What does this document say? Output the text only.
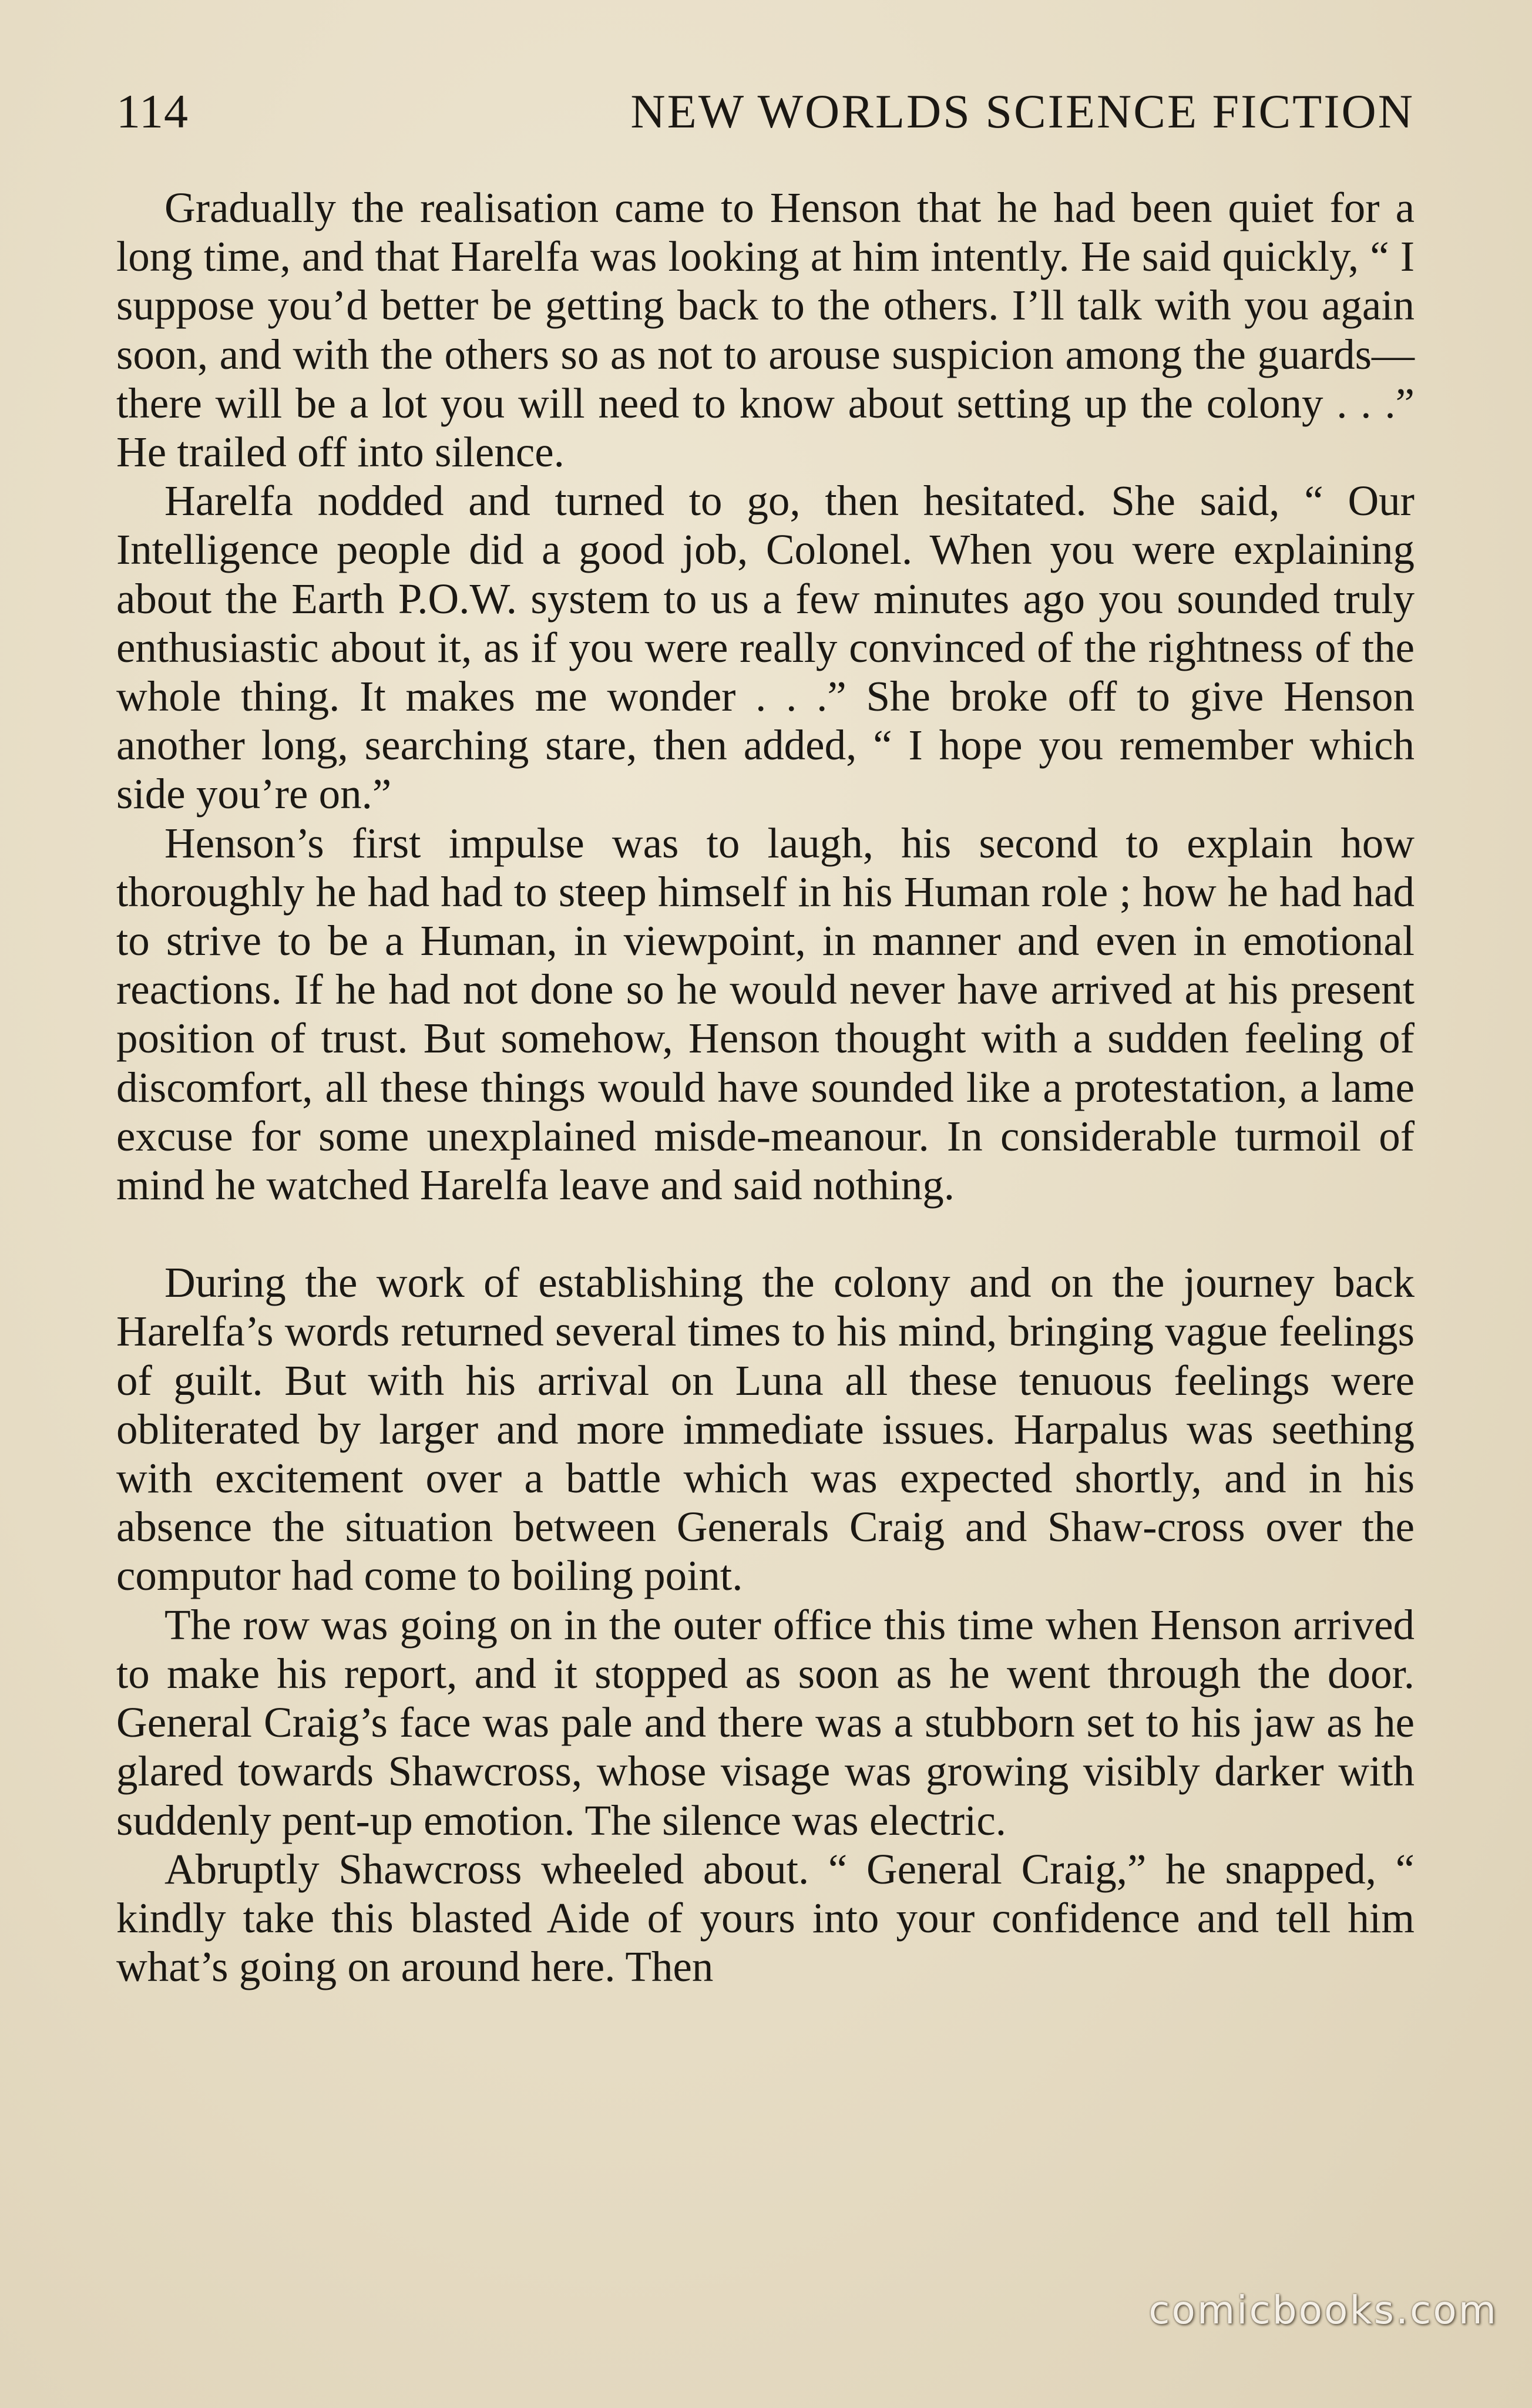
114	NEW WORLDS SCIENCE FICTION

Gradually the realisation came to Henson that he had been quiet for a long time, and that Harelfa was looking at him intently. He said quickly, “ I suppose you’d better be getting back to the others. I’ll talk with you again soon, and with the others so as not to arouse suspicion among the guards—there will be a lot you will need to know about setting up the colony . . .” He trailed off into silence.

Harelfa nodded and turned to go, then hesitated. She said, “ Our Intelligence people did a good job, Colonel. When you were explaining about the Earth P.O.W. system to us a few minutes ago you sounded truly enthusiastic about it, as if you were really convinced of the rightness of the whole thing. It makes me wonder . . .” She broke off to give Henson another long, searching stare, then added, “ I hope you remember which side you’re on.”

Henson’s first impulse was to laugh, his second to explain how thoroughly he had had to steep himself in his Human role ; how he had had to strive to be a Human, in viewpoint, in manner and even in emotional reactions. If he had not done so he would never have arrived at his present position of trust. But somehow, Henson thought with a sudden feeling of discomfort, all these things would have sounded like a protestation, a lame excuse for some unexplained misde-meanour. In considerable turmoil of mind he watched Harelfa leave and said nothing.

During the work of establishing the colony and on the journey back Harelfa’s words returned several times to his mind, bringing vague feelings of guilt. But with his arrival on Luna all these tenuous feelings were obliterated by larger and more immediate issues. Harpalus was seething with excitement over a battle which was expected shortly, and in his absence the situation between Generals Craig and Shaw-cross over the computor had come to boiling point.

The row was going on in the outer office this time when Henson arrived to make his report, and it stopped as soon as he went through the door. General Craig’s face was pale and there was a stubborn set to his jaw as he glared towards Shawcross, whose visage was growing visibly darker with suddenly pent-up emotion. The silence was electric.

Abruptly Shawcross wheeled about. “ General Craig,” he snapped, “ kindly take this blasted Aide of yours into your confidence and tell him what’s going on around here. Then

comicbooks.com
